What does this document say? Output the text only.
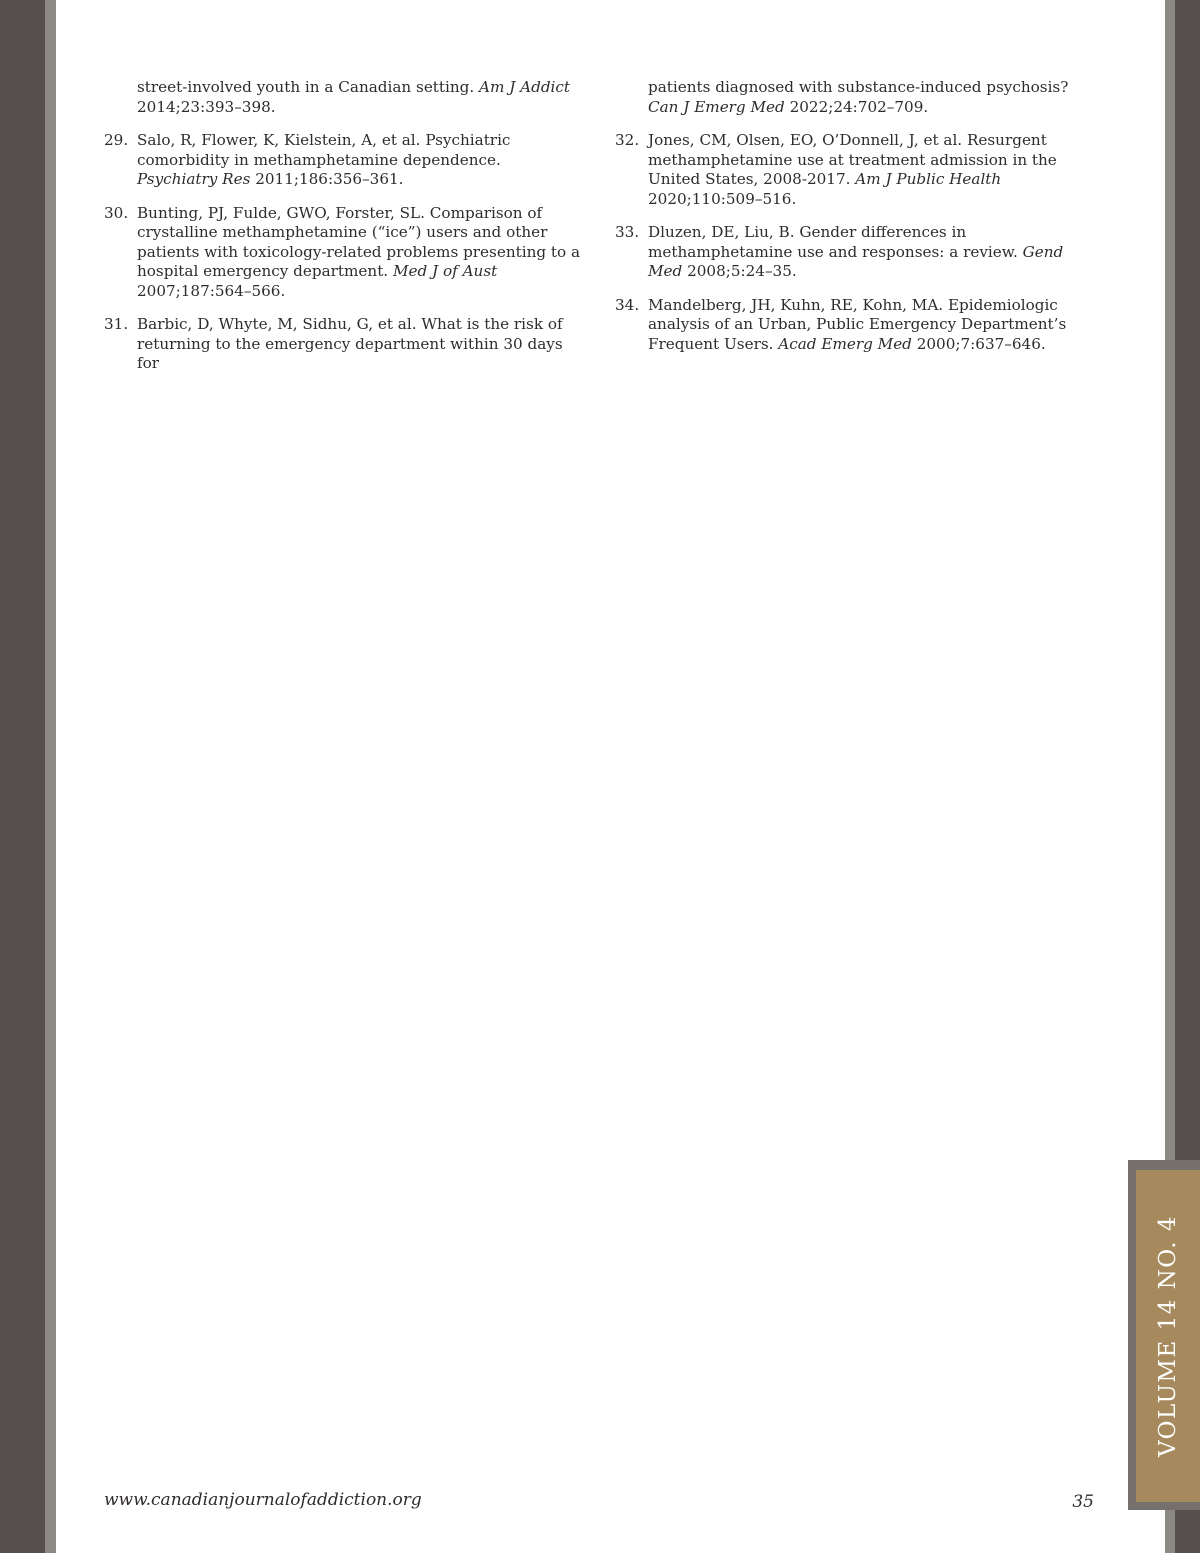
street-involved youth in a Canadian setting. Am J Addict 2014;23:393–398.
29. Salo, R, Flower, K, Kielstein, A, et al. Psychiatric comorbidity in methamphetamine dependence. Psychiatry Res 2011;186:356–361.
30. Bunting, PJ, Fulde, GWO, Forster, SL. Comparison of crystalline methamphetamine (“ice”) users and other patients with toxicology-related problems presenting to a hospital emergency department. Med J of Aust 2007;187:564–566.
31. Barbic, D, Whyte, M, Sidhu, G, et al. What is the risk of returning to the emergency department within 30 days for
patients diagnosed with substance-induced psychosis? Can J Emerg Med 2022;24:702–709.
32. Jones, CM, Olsen, EO, O’Donnell, J, et al. Resurgent methamphetamine use at treatment admission in the United States, 2008-2017. Am J Public Health 2020;110:509–516.
33. Dluzen, DE, Liu, B. Gender differences in methamphetamine use and responses: a review. Gend Med 2008;5:24–35.
34. Mandelberg, JH, Kuhn, RE, Kohn, MA. Epidemiologic analysis of an Urban, Public Emergency Department’s Frequent Users. Acad Emerg Med 2000;7:637–646.
VOLUME 14 NO. 4
www.canadianjournalofaddiction.org	35
